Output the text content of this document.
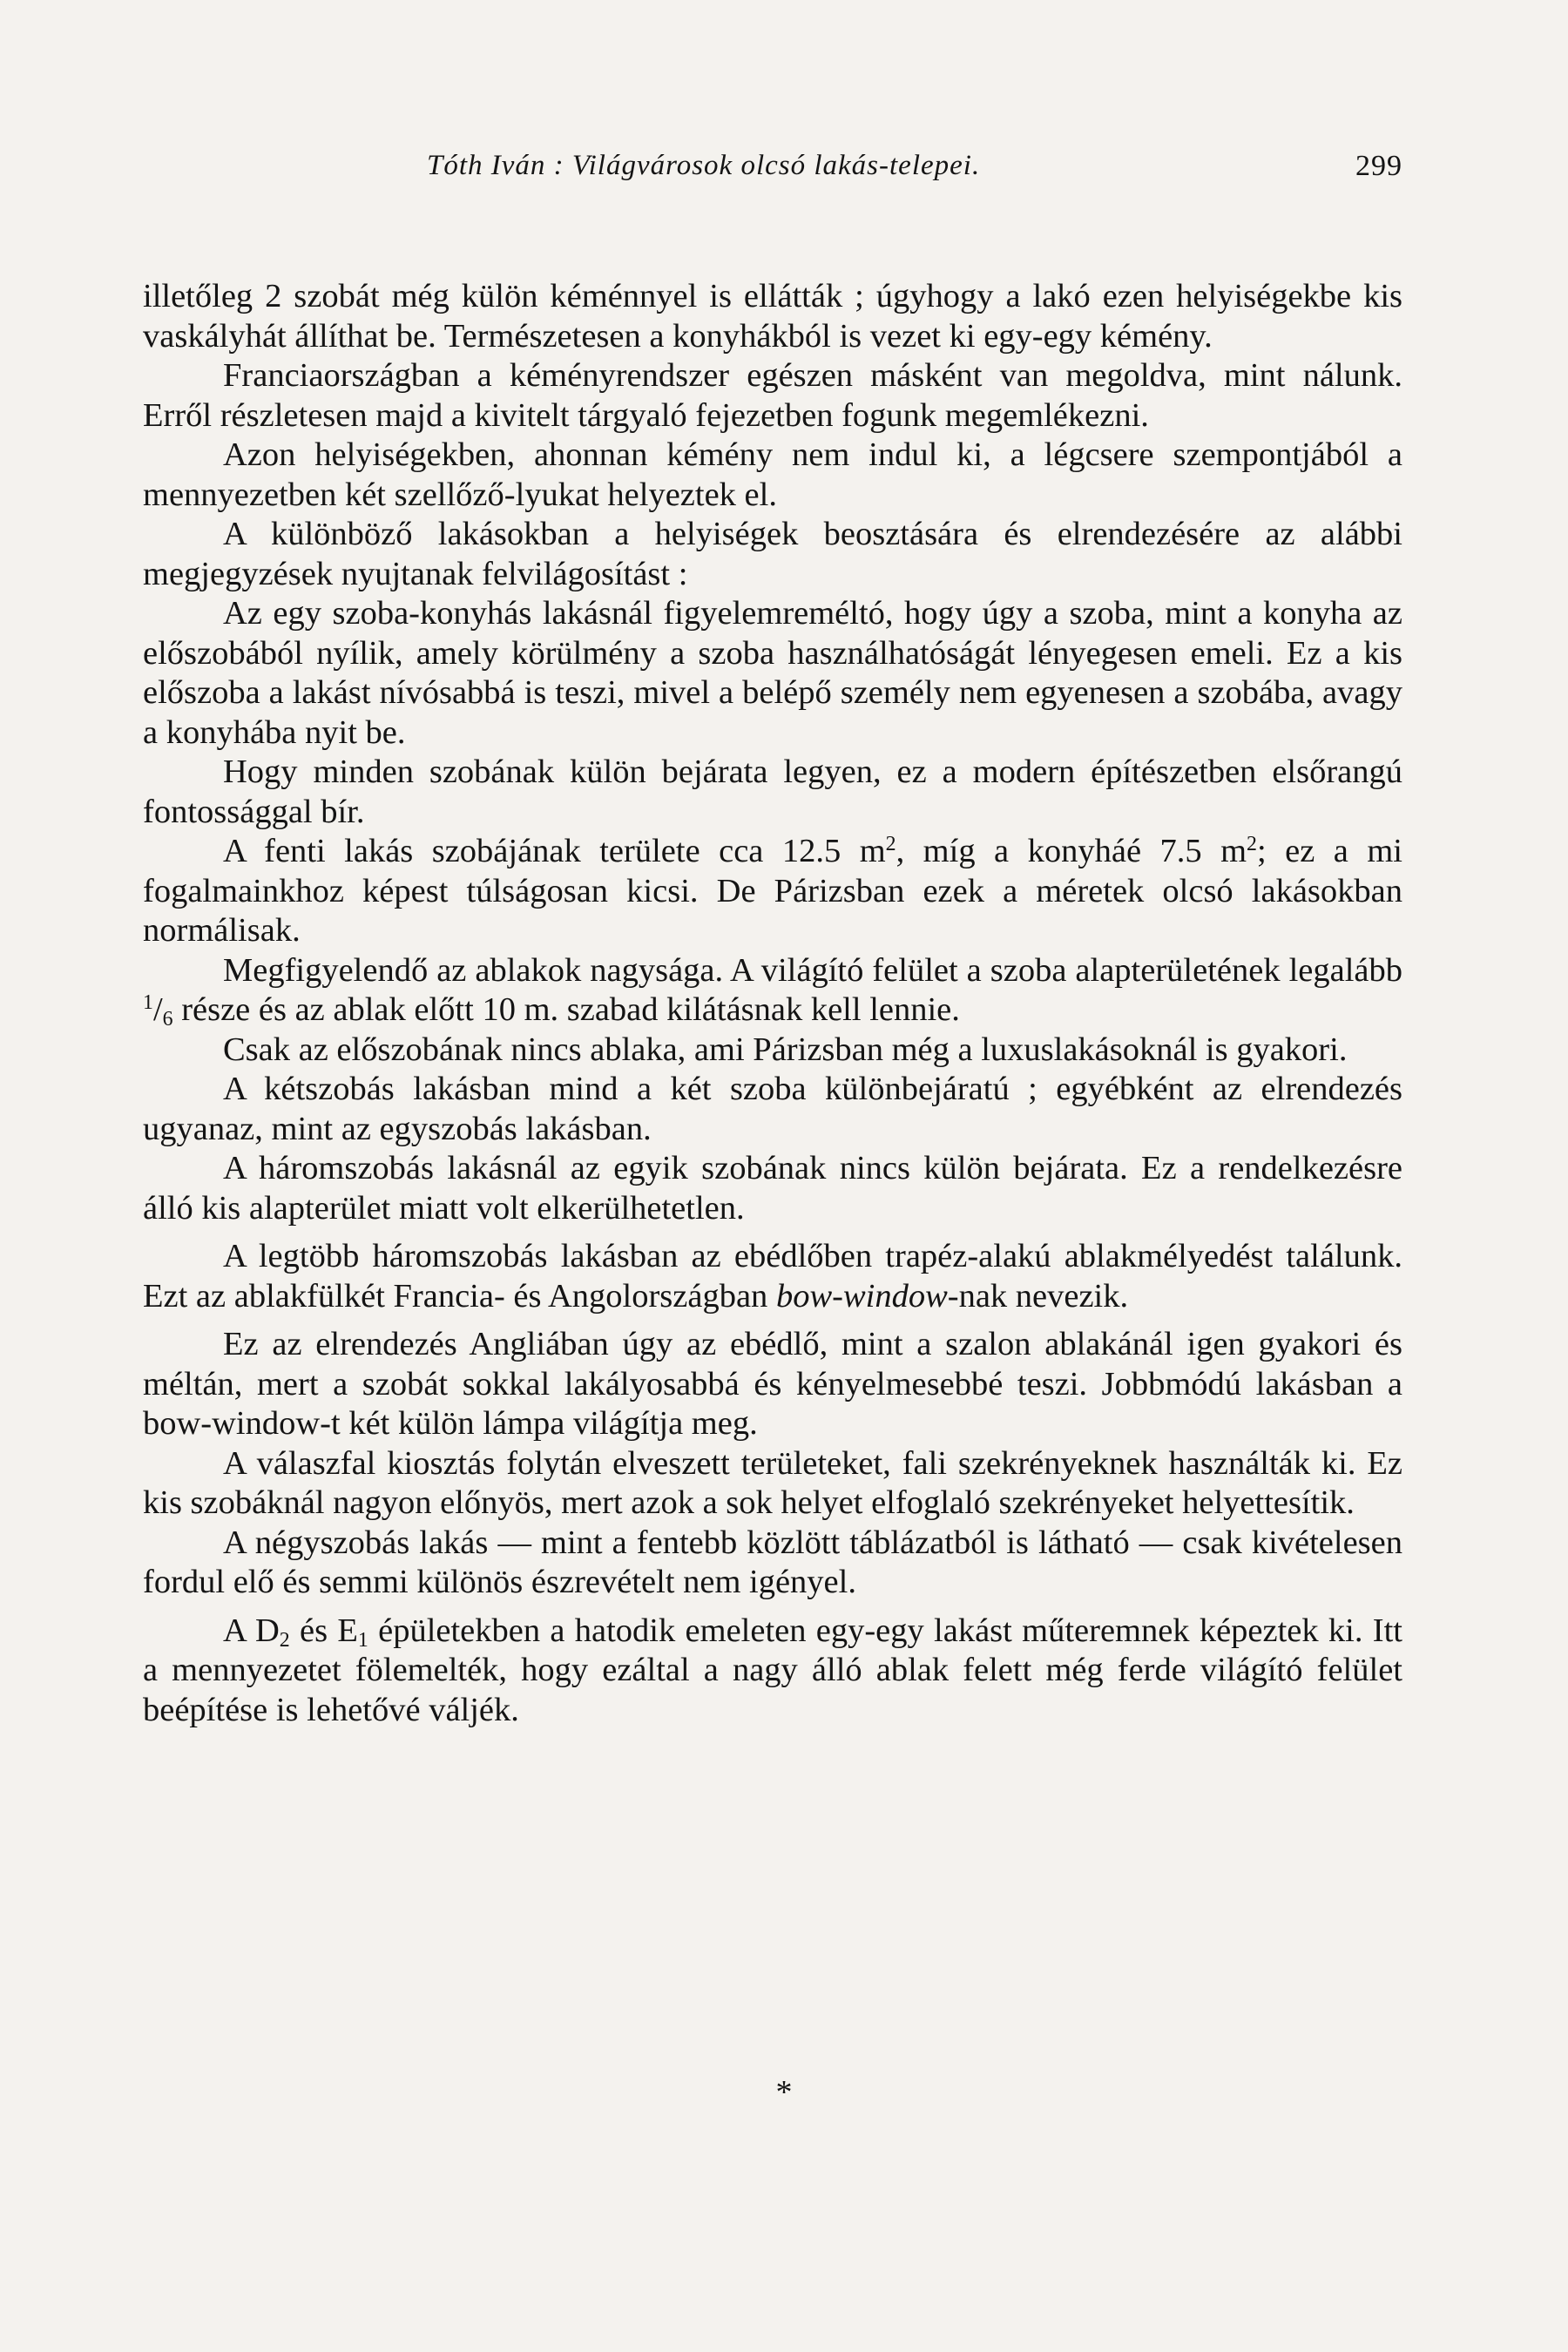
Tóth Iván : Világvárosok olcsó lakás-telepei.	299

illetőleg 2 szobát még külön kéménnyel is ellátták ; úgyhogy a lakó ezen helyiségekbe kis vaskályhát állíthat be. Természetesen a konyhákból is vezet ki egy-egy kémény.

Franciaországban a kéményrendszer egészen másként van megoldva, mint nálunk. Erről részletesen majd a kivitelt tárgyaló fejezetben fogunk megemlékezni.

Azon helyiségekben, ahonnan kémény nem indul ki, a légcsere szempontjából a mennyezetben két szellőző-lyukat helyeztek el.

A különböző lakásokban a helyiségek beosztására és elrendezésére az alábbi megjegyzések nyujtanak felvilágosítást :

Az egy szoba-konyhás lakásnál figyelemreméltó, hogy úgy a szoba, mint a konyha az előszobából nyílik, amely körülmény a szoba használhatóságát lényegesen emeli. Ez a kis előszoba a lakást nívósabbá is teszi, mivel a belépő személy nem egyenesen a szobába, avagy a konyhába nyit be.

Hogy minden szobának külön bejárata legyen, ez a modern építészetben elsőrangú fontossággal bír.

A fenti lakás szobájának területe cca 12.5 $m^2$, míg a konyháé 7.5 $m^2$; ez a mi fogalmainkhoz képest túlságosan kicsi. De Párizsban ezek a méretek olcsó lakásokban normálisak.

Megfigyelendő az ablakok nagysága. A világító felület a szoba alapterületének legalább $^1/_6$ része és az ablak előtt 10 m. szabad kilátásnak kell lennie.

Csak az előszobának nincs ablaka, ami Párizsban még a luxuslakásoknál is gyakori.

A kétszobás lakásban mind a két szoba különbejáratú ; egyébként az elrendezés ugyanaz, mint az egyszobás lakásban.

A háromszobás lakásnál az egyik szobának nincs külön bejárata. Ez a rendelkezésre álló kis alapterület miatt volt elkerülhetetlen.

A legtöbb háromszobás lakásban az ebédlőben trapéz-alakú ablakmélyedést találunk. Ezt az ablakfülkét Francia- és Angolországban bow-window-nak nevezik.

Ez az elrendezés Angliában úgy az ebédlő, mint a szalon ablakánál igen gyakori és méltán, mert a szobát sokkal lakályosabbá és kényelmesebbé teszi. Jobbmódú lakásban a bow-window-t két külön lámpa világítja meg.

A válaszfal kiosztás folytán elveszett területeket, fali szekrényeknek használták ki. Ez kis szobáknál nagyon előnyös, mert azok a sok helyet elfoglaló szekrényeket helyettesítik.

A négyszobás lakás — mint a fentebb közlött táblázatból is látható — csak kivételesen fordul elő és semmi különös észrevételt nem igényel.

A $D_2$ és $E_1$ épületekben a hatodik emeleten egy-egy lakást műteremnek képeztek ki. Itt a mennyezetet fölemelték, hogy ezáltal a nagy álló ablak felett még ferde világító felület beépítése is lehetővé váljék.

*
